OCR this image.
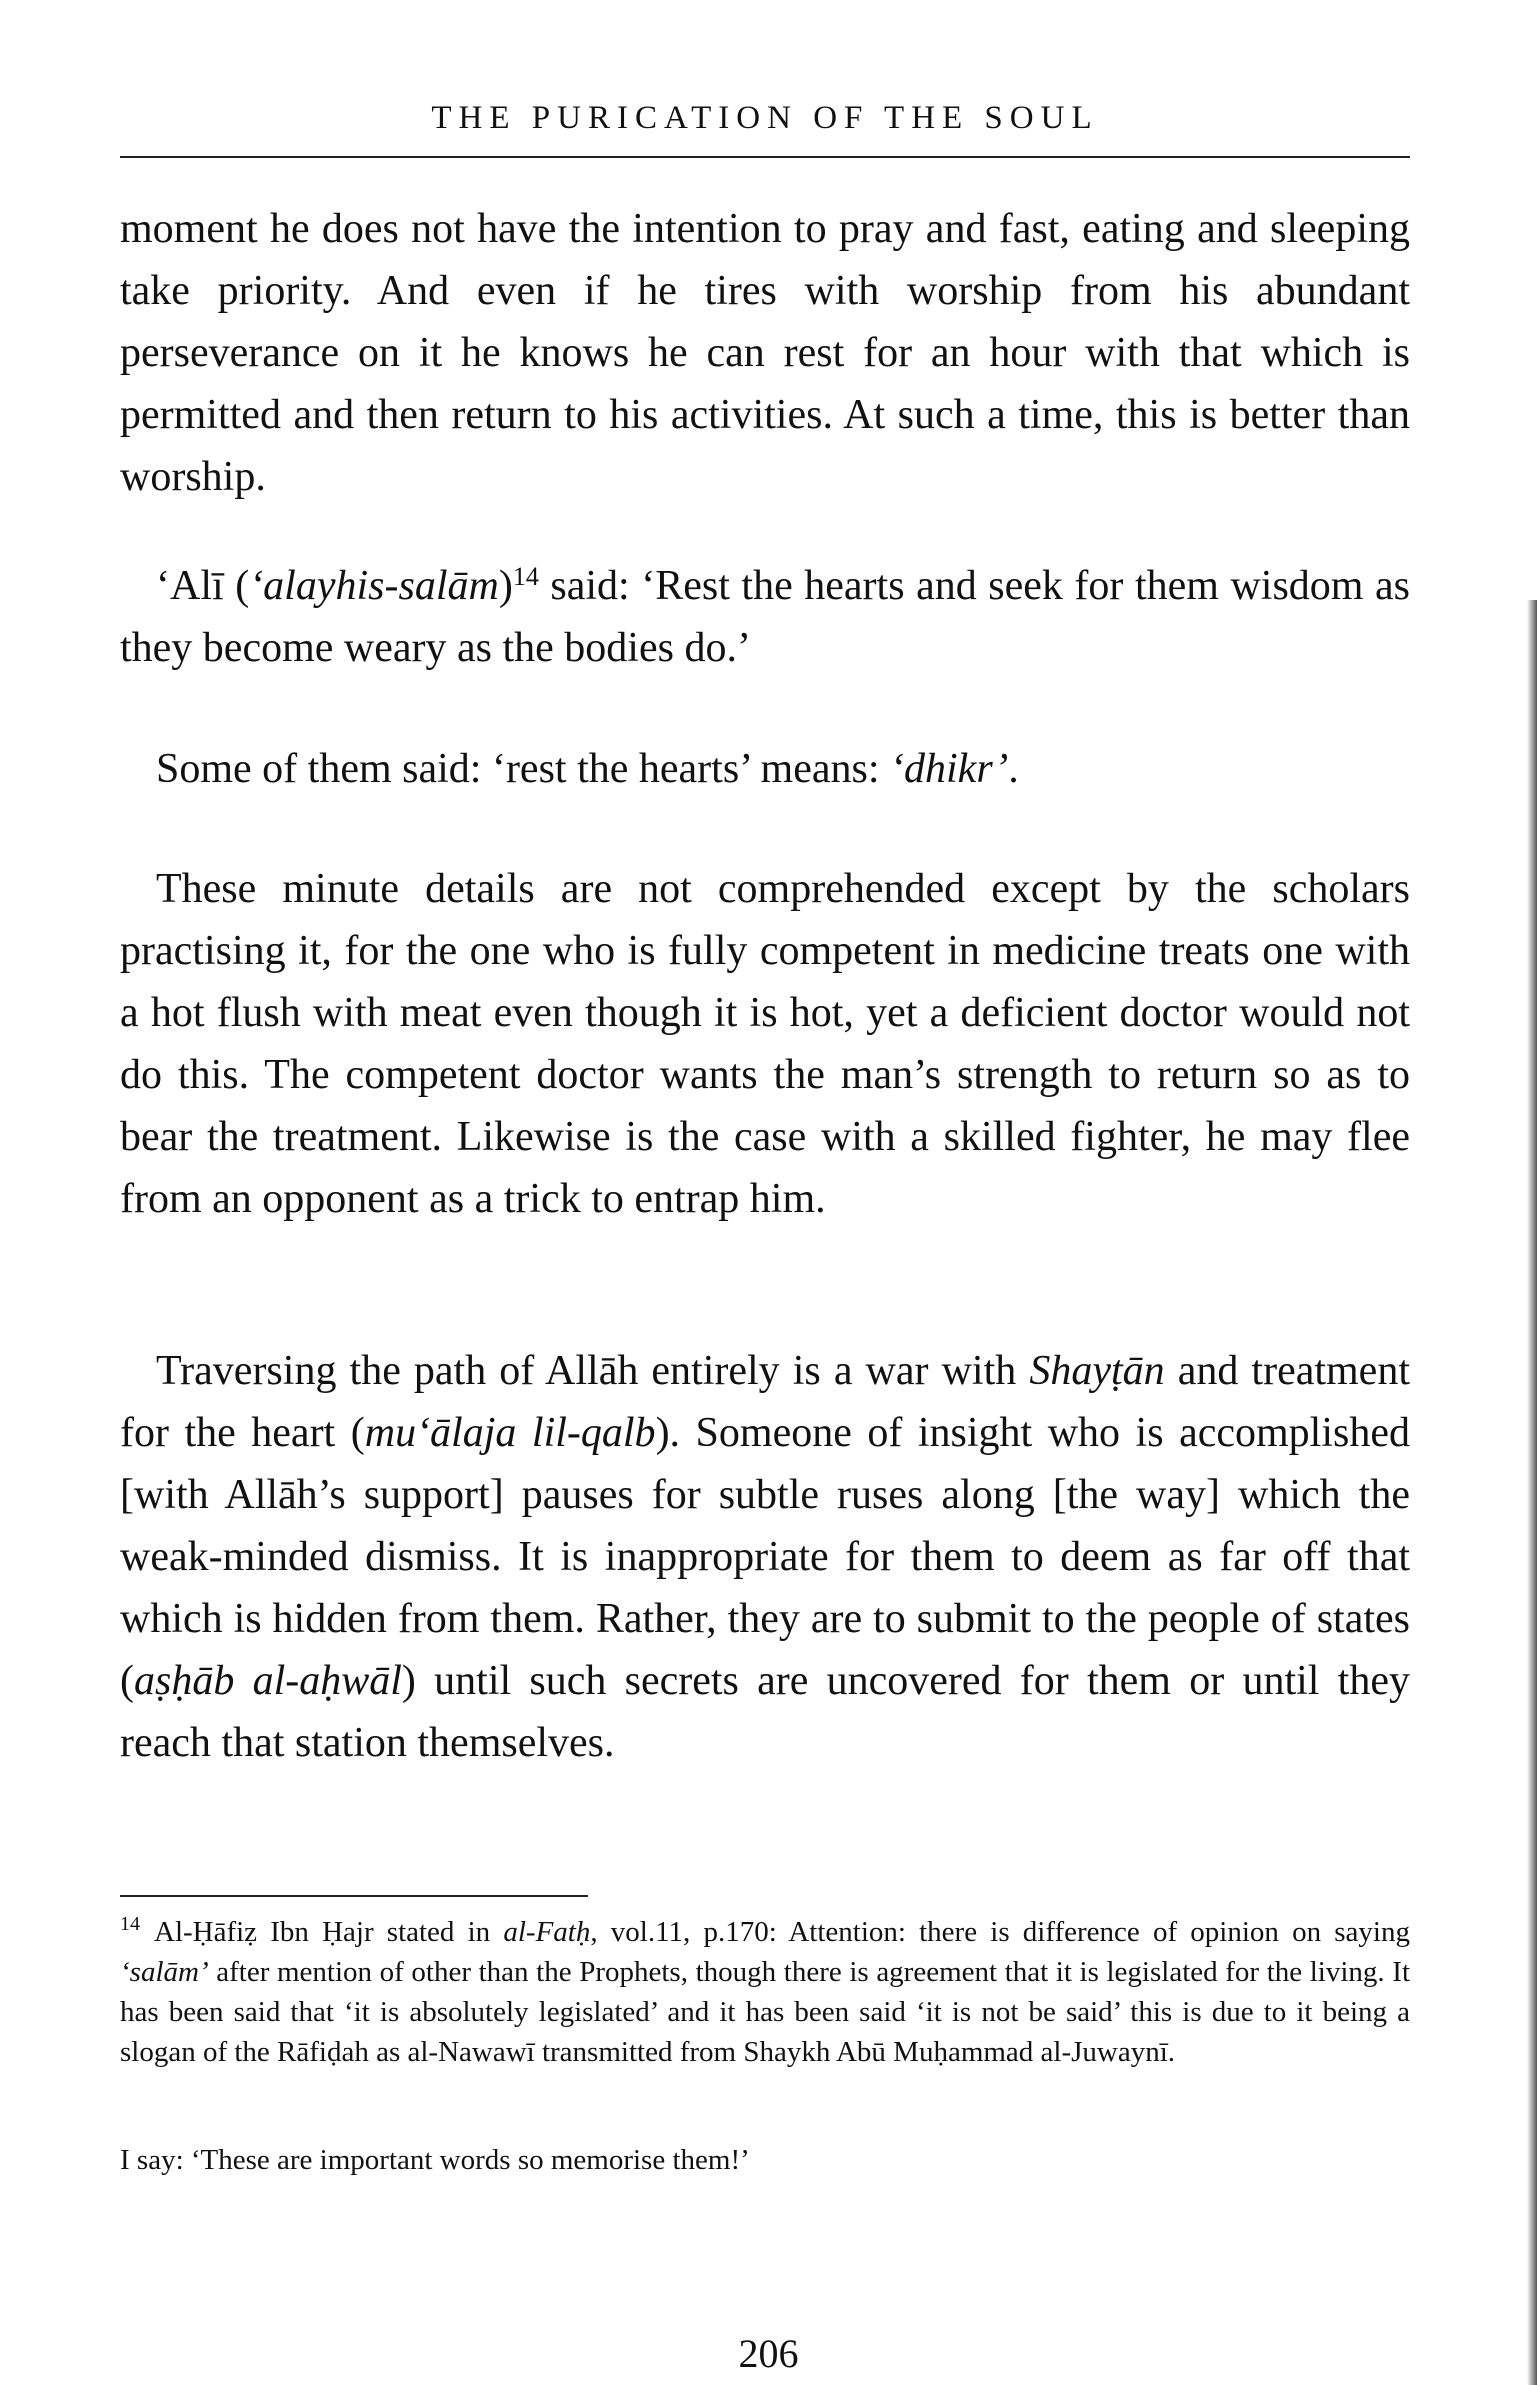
THE PURICATION OF THE SOUL

moment he does not have the intention to pray and fast, eating and sleeping take priority. And even if he tires with worship from his abundant perseverance on it he knows he can rest for an hour with that which is permitted and then return to his activities. At such a time, this is better than worship.

‘Alī (‘alayhis-salām)$^{14}$ said: ‘Rest the hearts and seek for them wisdom as they become weary as the bodies do.’

Some of them said: ‘rest the hearts’ means: ‘dhikr’.

These minute details are not comprehended except by the scholars practising it, for the one who is fully competent in medicine treats one with a hot flush with meat even though it is hot, yet a deficient doctor would not do this. The competent doctor wants the man’s strength to return so as to bear the treatment. Likewise is the case with a skilled fighter, he may flee from an opponent as a trick to entrap him.

Traversing the path of Allāh entirely is a war with Shayṭān and treatment for the heart (mu‘ālaja lil-qalb). Someone of insight who is accomplished [with Allāh’s support] pauses for subtle ruses along [the way] which the weak-minded dismiss. It is inappropriate for them to deem as far off that which is hidden from them. Rather, they are to submit to the people of states (aṣḥāb al-aḥwāl) until such secrets are uncovered for them or until they reach that station themselves.

$^{14}$ Al-Ḥāfiẓ Ibn Ḥajr stated in al-Fatḥ, vol.11, p.170: Attention: there is difference of opinion on saying ‘salām’ after mention of other than the Prophets, though there is agreement that it is legislated for the living. It has been said that ‘it is absolutely legislated’ and it has been said ‘it is not be said’ this is due to it being a slogan of the Rāfiḍah as al-Nawawī transmitted from Shaykh Abū Muḥammad al-Juwaynī.

I say: ‘These are important words so memorise them!’

206
